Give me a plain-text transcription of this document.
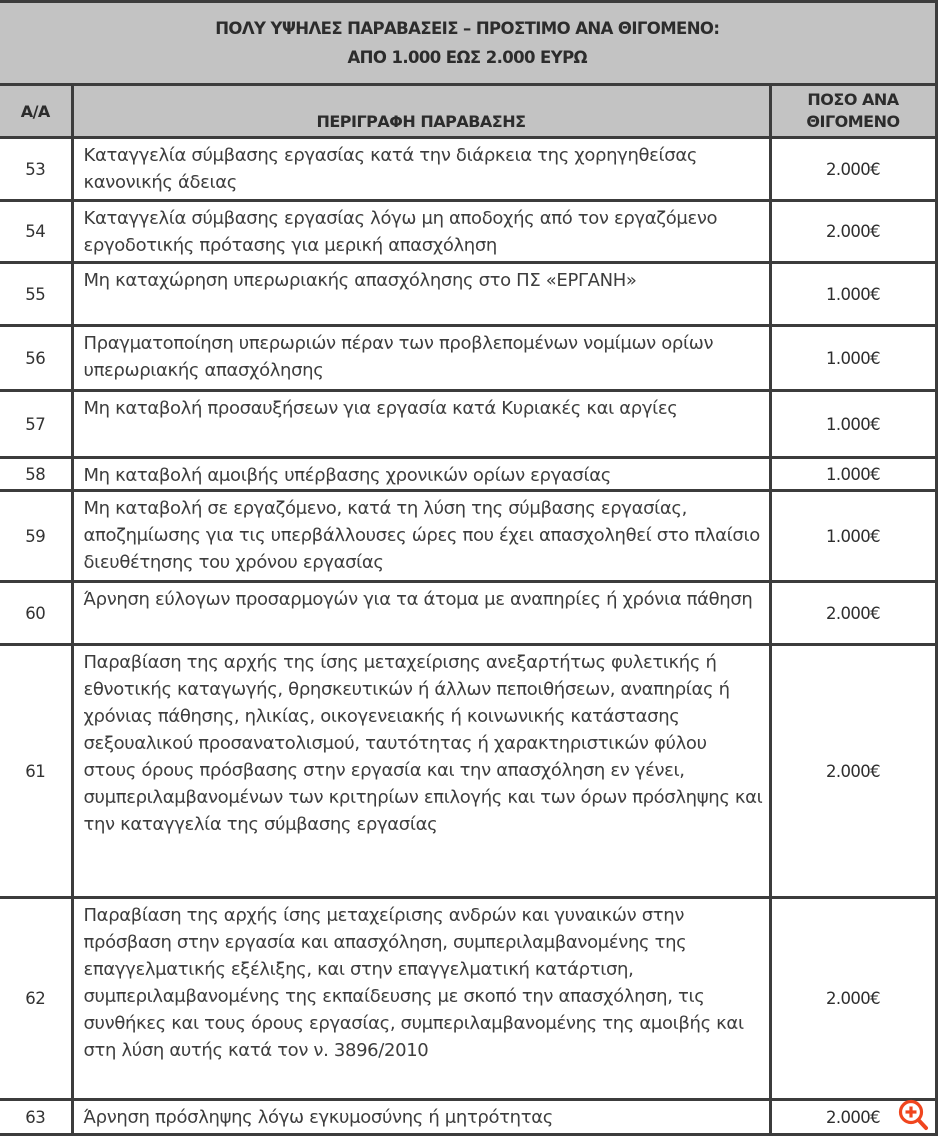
ΠΟΛΥ ΥΨΗΛΕΣ ΠΑΡΑΒΑΣΕΙΣ – ΠΡΟΣΤΙΜΟ ΑΝΑ ΘΙΓΟΜΕΝΟ:
ΑΠΟ 1.000 ΕΩΣ 2.000 ΕΥΡΩ		

Α/Α	ΠΕΡΙΓΡΑΦΗ ΠΑΡΑΒΑΣΗΣ	ΠΟΣΟ ΑΝΑ
ΘΙΓΟΜΕΝΟ

53	Καταγγελία σύμβασης εργασίας κατά την διάρκεια της χορηγηθείσας κανονικής άδειας	2.000€
54	Καταγγελία σύμβασης εργασίας λόγω μη αποδοχής από τον εργαζόμενο εργοδοτικής πρότασης για μερική απασχόληση	2.000€
55	Μη καταχώρηση υπερωριακής απασχόλησης στο ΠΣ «ΕΡΓΑΝΗ»	1.000€
56	Πραγματοποίηση υπερωριών πέραν των προβλεπομένων νομίμων ορίων υπερωριακής απασχόλησης	1.000€
57	Μη καταβολή προσαυξήσεων για εργασία κατά Κυριακές και αργίες	1.000€
58	Μη καταβολή αμοιβής υπέρβασης χρονικών ορίων εργασίας	1.000€
59	Μη καταβολή σε εργαζόμενο, κατά τη λύση της σύμβασης εργασίας, αποζημίωσης για τις υπερβάλλουσες ώρες που έχει απασχοληθεί στο πλαίσιο διευθέτησης του χρόνου εργασίας	1.000€
60	Άρνηση εύλογων προσαρμογών για τα άτομα με αναπηρίες ή χρόνια πάθηση	2.000€
61	Παραβίαση της αρχής της ίσης μεταχείρισης ανεξαρτήτως φυλετικής ή εθνοτικής καταγωγής, θρησκευτικών ή άλλων πεποιθήσεων, αναπηρίας ή χρόνιας πάθησης, ηλικίας, οικογενειακής ή κοινωνικής κατάστασης σεξουαλικού προσανατολισμού, ταυτότητας ή χαρακτηριστικών φύλου στους όρους πρόσβασης στην εργασία και την απασχόληση εν γένει, συμπεριλαμβανομένων των κριτηρίων επιλογής και των όρων πρόσληψης και την καταγγελία της σύμβασης εργασίας	2.000€
62	Παραβίαση της αρχής ίσης μεταχείρισης ανδρών και γυναικών στην πρόσβαση στην εργασία και απασχόληση, συμπεριλαμβανομένης της επαγγελματικής εξέλιξης, και στην επαγγελματική κατάρτιση, συμπεριλαμβανομένης της εκπαίδευσης με σκοπό την απασχόληση, τις συνθήκες και τους όρους εργασίας, συμπεριλαμβανομένης της αμοιβής και στη λύση αυτής κατά τον ν. 3896/2010	2.000€
63	Άρνηση πρόσληψης λόγω εγκυμοσύνης ή μητρότητας	2.000€
